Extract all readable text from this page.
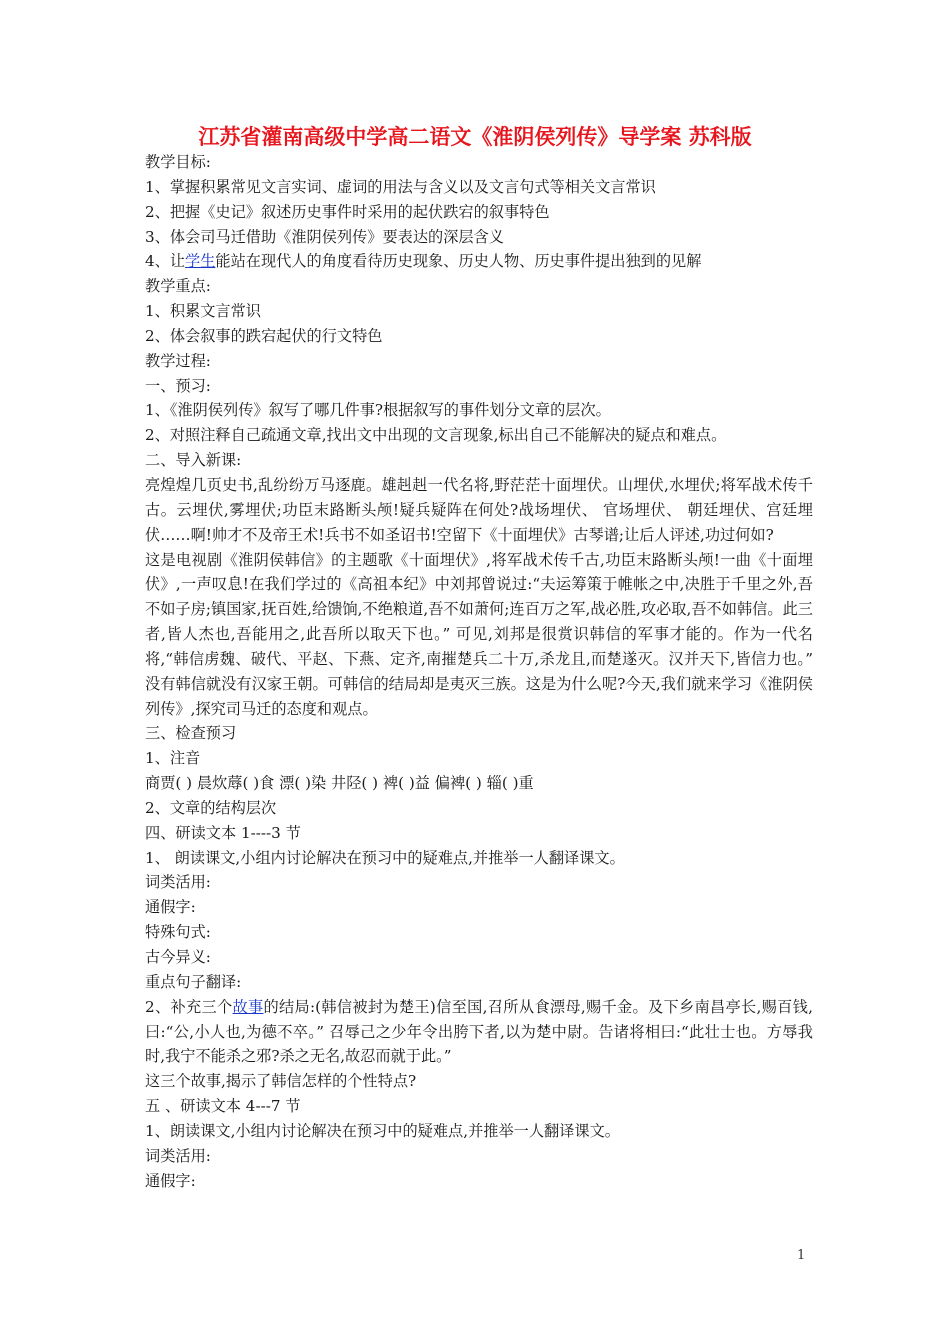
江苏省灌南高级中学高二语文《淮阴侯列传》导学案 苏科版
教学目标:
1、掌握积累常见文言实词、虚词的用法与含义以及文言句式等相关文言常识
2、把握《史记》叙述历史事件时采用的起伏跌宕的叙事特色
3、体会司马迁借助《淮阴侯列传》要表达的深层含义
4、让学生能站在现代人的角度看待历史现象、历史人物、历史事件提出独到的见解
教学重点:
1、积累文言常识
2、体会叙事的跌宕起伏的行文特色
教学过程:
一、预习:
1、《淮阴侯列传》叙写了哪几件事?根据叙写的事件划分文章的层次。
2、对照注释自己疏通文章,找出文中出现的文言现象,标出自己不能解决的疑点和难点。
二、导入新课:
亮煌煌几页史书,乱纷纷万马逐鹿。雄赳赳一代名将,野茫茫十面埋伏。山埋伏,水埋伏;将军战术传千古。云埋伏,雾埋伏;功臣末路断头颅!疑兵疑阵在何处?战场埋伏、 官场埋伏、 朝廷埋伏、宫廷埋伏……啊!帅才不及帝王术!兵书不如圣诏书!空留下《十面埋伏》古琴谱;让后人评述,功过何如?
这是电视剧《淮阴侯韩信》的主题歌《十面埋伏》,将军战术传千古,功臣末路断头颅!一曲《十面埋伏》,一声叹息!在我们学过的《高祖本纪》中刘邦曾说过:“夫运筹策于帷帐之中,决胜于千里之外,吾不如子房;镇国家,抚百姓,给馈饷,不绝粮道,吾不如萧何;连百万之军,战必胜,攻必取,吾不如韩信。此三者,皆人杰也,吾能用之,此吾所以取天下也。” 可见,刘邦是很赏识韩信的军事才能的。作为一代名将,“韩信虏魏、破代、平赵、下燕、定齐,南摧楚兵二十万,杀龙且,而楚遂灭。汉并天下,皆信力也。” 没有韩信就没有汉家王朝。可韩信的结局却是夷灭三族。这是为什么呢?今天,我们就来学习《淮阴侯列传》,探究司马迁的态度和观点。
三、检查预习
1、注音
商贾( ) 晨炊蓐( )食 漂( )染 井陉( ) 裨( )益 偏裨( ) 辎( )重
2、文章的结构层次
四、研读文本 1----3 节
1、 朗读课文,小组内讨论解决在预习中的疑难点,并推举一人翻译课文。
词类活用:
通假字:
特殊句式:
古今异义:
重点句子翻译:
2、补充三个故事的结局:(韩信被封为楚王)信至国,召所从食漂母,赐千金。及下乡南昌亭长,赐百钱,曰:“公,小人也,为德不卒。” 召辱己之少年令出胯下者,以为楚中尉。告诸将相曰:“此壮士也。方辱我时,我宁不能杀之邪?杀之无名,故忍而就于此。”
这三个故事,揭示了韩信怎样的个性特点?
五 、研读文本 4---7 节
1、朗读课文,小组内讨论解决在预习中的疑难点,并推举一人翻译课文。
词类活用:
通假字:
1
